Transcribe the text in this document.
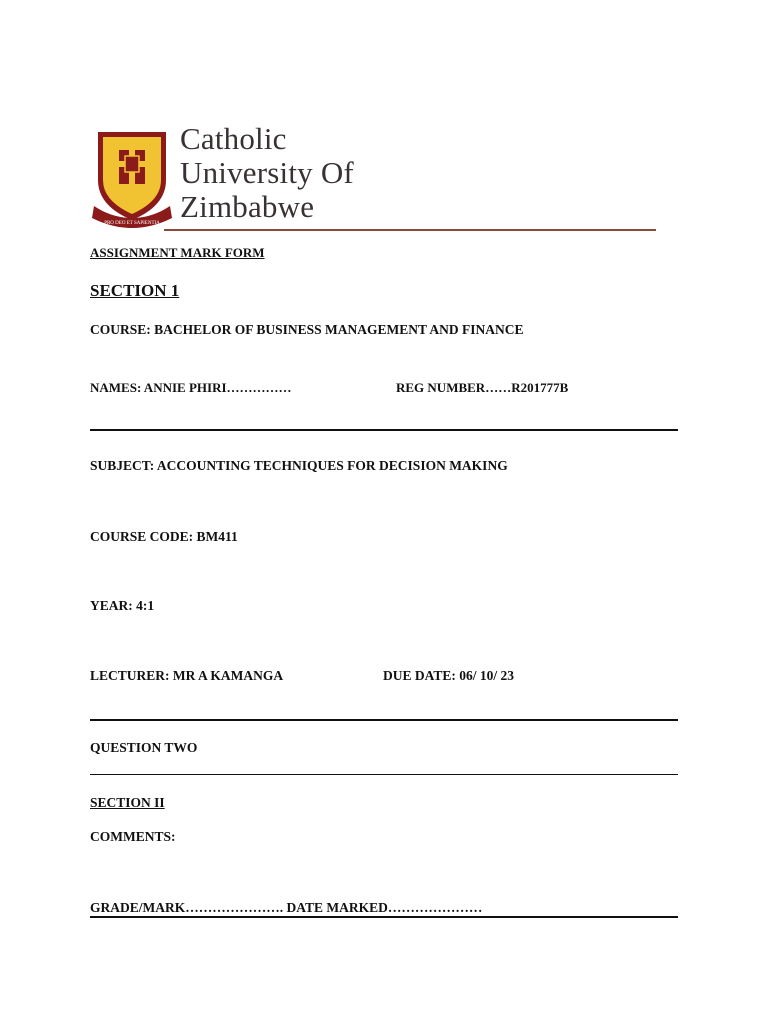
PRO DEO ET SAPIENTIA
Catholic
University Of
Zimbabwe
ASSIGNMENT MARK FORM
SECTION 1
COURSE: BACHELOR OF BUSINESS MANAGEMENT AND FINANCE
NAMES: ANNIE PHIRI……………	REG NUMBER……R201777B
SUBJECT: ACCOUNTING TECHNIQUES FOR DECISION MAKING
COURSE CODE: BM411
YEAR: 4:1
LECTURER: MR A KAMANGA	DUE DATE: 06/ 10/ 23
QUESTION TWO
SECTION II
COMMENTS:
GRADE/MARK…………………. DATE MARKED…………………
